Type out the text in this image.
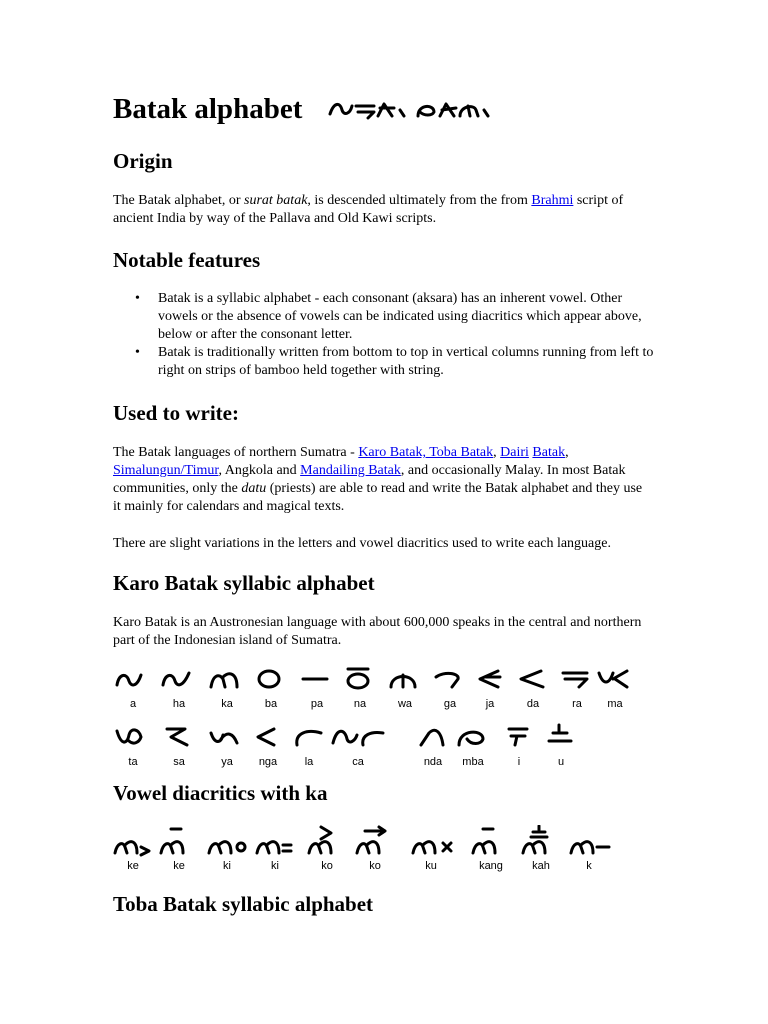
Batak alphabet
Origin

The Batak alphabet, or surat batak, is descended ultimately from the from Brahmi script of ancient India by way of the Pallava and Old Kawi scripts.

Notable features
• Batak is a syllabic alphabet - each consonant (aksara) has an inherent vowel. Other vowels or the absence of vowels can be indicated using diacritics which appear above, below or after the consonant letter.
• Batak is traditionally written from bottom to top in vertical columns running from left to right on strips of bamboo held together with string.
Used to write:

The Batak languages of northern Sumatra - Karo Batak, Toba Batak, Dairi Batak, Simalungun/Timur, Angkola and Mandailing Batak, and occasionally Malay. In most Batak communities, only the datu (priests) are able to read and write the Batak alphabet and they use it mainly for calendars and magical texts.

There are slight variations in the letters and vowel diacritics used to write each language.

Karo Batak syllabic alphabet

Karo Batak is an Austronesian language with about 600,000 speaks in the central and northern part of the Indonesian island of Sumatra.

a	ha	ka	ba	pa	na	wa	ga	ja	da	ra	ma
ta	sa	ya	nga	la	ca	nda	mba	i	u
Vowel diacritics with ka
ke	ke	ki	ki	ko	ko	ku	kang	kah	k
Toba Batak syllabic alphabet
